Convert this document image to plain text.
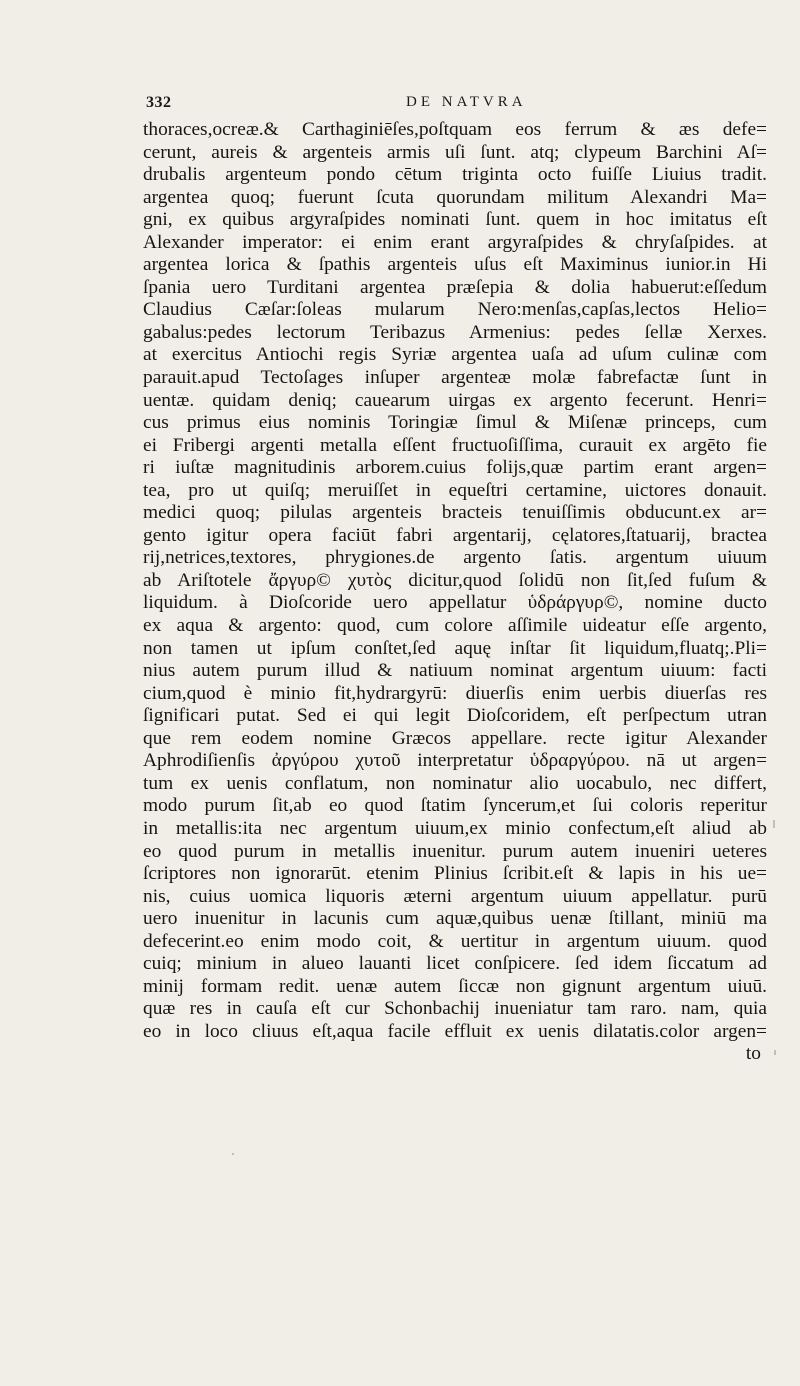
332	DE NATVRA
thoraces,ocreæ.& Carthaginiēſes,poſtquam eos ferrum & æs defe=
cerunt, aureis & argenteis armis uſi ſunt. atq; clypeum Barchini Aſ=
drubalis argenteum pondo cētum triginta octo fuiſſe Liuius tradit.
argentea quoq; fuerunt ſcuta quorundam militum Alexandri Ma=
gni, ex quibus argyraſpides nominati ſunt. quem in hoc imitatus eſt
Alexander imperator: ei enim erant argyraſpides & chryſaſpides. at
argentea lorica & ſpathis argenteis uſus eſt Maximinus iunior.in Hi
ſpania uero Turditani argentea præſepia & dolia habuerut:eſſedum
Claudius Cæſar:ſoleas mularum Nero:menſas,capſas,lectos Helio=
gabalus:pedes lectorum Teribazus Armenius: pedes ſellæ Xerxes.
at exercitus Antiochi regis Syriæ argentea uaſa ad uſum culinæ com
parauit.apud Tectoſages inſuper argenteæ molæ fabrefactæ ſunt in
uentæ. quidam deniq; cauearum uirgas ex argento fecerunt. Henri=
cus primus eius nominis Toringiæ ſimul & Miſenæ princeps, cum
ei Fribergi argenti metalla eſſent fructuoſiſſima, curauit ex argēto fie
ri iuſtæ magnitudinis arborem.cuius folijs,quæ partim erant argen=
tea, pro ut quiſq; meruiſſet in equeſtri certamine, uictores donauit.
medici quoq; pilulas argenteis bracteis tenuiſſimis obducunt.ex ar=
gento igitur opera faciūt fabri argentarij, cęlatores,ſtatuarij, bractea
rij,netrices,textores, phrygiones.de argento ſatis. argentum uiuum
ab Ariſtotele ἄργυρ© χυτὸς dicitur,quod ſolidū non ſit,ſed fuſum &
liquidum. à Dioſcoride uero appellatur ὑδράργυρ©, nomine ducto
ex aqua & argento: quod, cum colore aſſimile uideatur eſſe argento,
non tamen ut ipſum conſtet,ſed aquę inſtar ſit liquidum,fluatq;.Pli=
nius autem purum illud & natiuum nominat argentum uiuum: facti
cium,quod è minio fit,hydrargyrū: diuerſis enim uerbis diuerſas res
ſignificari putat. Sed ei qui legit Dioſcoridem, eſt perſpectum utran
que rem eodem nomine Græcos appellare. recte igitur Alexander
Aphrodiſienſis ἀργύρου χυτοῦ interpretatur ὑδραργύρου. nā ut argen=
tum ex uenis conflatum, non nominatur alio uocabulo, nec differt,
modo purum ſit,ab eo quod ſtatim ſyncerum,et ſui coloris reperitur
in metallis:ita nec argentum uiuum,ex minio confectum,eſt aliud ab
eo quod purum in metallis inuenitur. purum autem inueniri ueteres
ſcriptores non ignorarūt. etenim Plinius ſcribit.eſt & lapis in his ue=
nis, cuius uomica liquoris æterni argentum uiuum appellatur. purū
uero inuenitur in lacunis cum aquæ,quibus uenæ ſtillant, miniū ma
defecerint.eo enim modo coit, & uertitur in argentum uiuum. quod
cuiq; minium in alueo lauanti licet conſpicere. ſed idem ſiccatum ad
minij formam redit. uenæ autem ſiccæ non gignunt argentum uiuū.
quæ res in cauſa eſt cur Schonbachij inueniatur tam raro. nam, quia
eo in loco cliuus eſt,aqua facile effluit ex uenis dilatatis.color argen=
to
